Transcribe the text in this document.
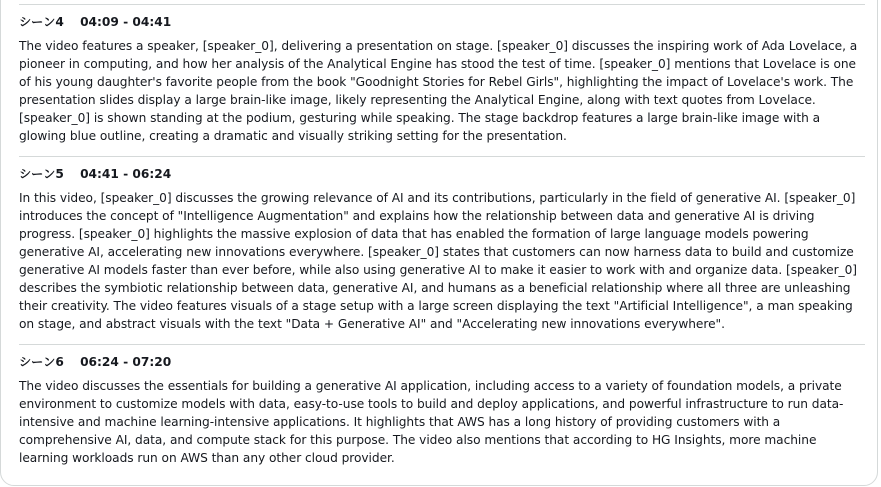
シーン4 04:09 - 04:41

The video features a speaker, [speaker_0], delivering a presentation on stage. [speaker_0] discusses the inspiring work of Ada Lovelace, a pioneer in computing, and how her analysis of the Analytical Engine has stood the test of time. [speaker_0] mentions that Lovelace is one of his young daughter's favorite people from the book "Goodnight Stories for Rebel Girls", highlighting the impact of Lovelace's work. The presentation slides display a large brain-like image, likely representing the Analytical Engine, along with text quotes from Lovelace. [speaker_0] is shown standing at the podium, gesturing while speaking. The stage backdrop features a large brain-like image with a glowing blue outline, creating a dramatic and visually striking setting for the presentation.

シーン5 04:41 - 06:24

In this video, [speaker_0] discusses the growing relevance of AI and its contributions, particularly in the field of generative AI. [speaker_0] introduces the concept of "Intelligence Augmentation" and explains how the relationship between data and generative AI is driving progress. [speaker_0] highlights the massive explosion of data that has enabled the formation of large language models powering generative AI, accelerating new innovations everywhere. [speaker_0] states that customers can now harness data to build and customize generative AI models faster than ever before, while also using generative AI to make it easier to work with and organize data. [speaker_0] describes the symbiotic relationship between data, generative AI, and humans as a beneficial relationship where all three are unleashing their creativity. The video features visuals of a stage setup with a large screen displaying the text "Artificial Intelligence", a man speaking on stage, and abstract visuals with the text "Data + Generative AI" and "Accelerating new innovations everywhere".

シーン6 06:24 - 07:20

The video discusses the essentials for building a generative AI application, including access to a variety of foundation models, a private environment to customize models with data, easy-to-use tools to build and deploy applications, and powerful infrastructure to run data-intensive and machine learning-intensive applications. It highlights that AWS has a long history of providing customers with a comprehensive AI, data, and compute stack for this purpose. The video also mentions that according to HG Insights, more machine learning workloads run on AWS than any other cloud provider.
